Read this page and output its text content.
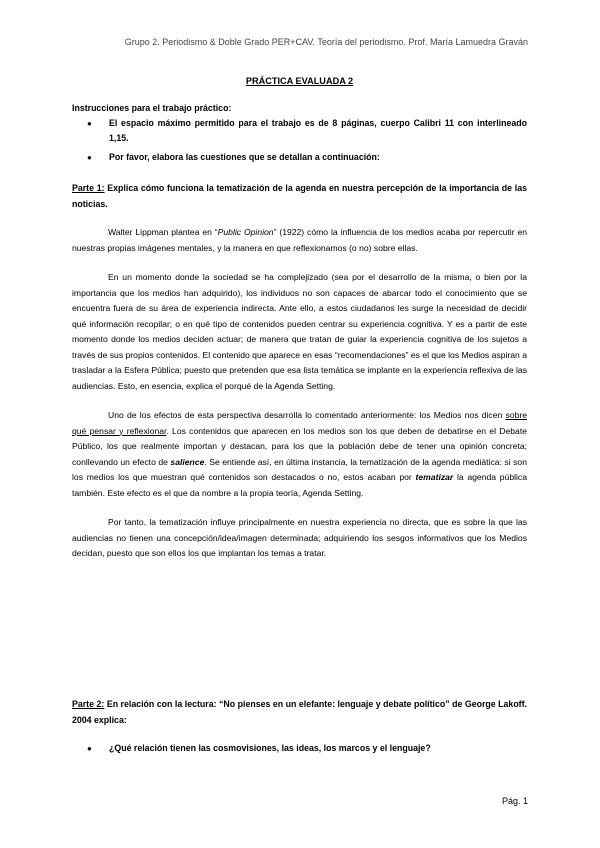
Grupo 2. Periodismo & Doble Grado PER+CAV. Teoría del periodismo. Prof. María Lamuedra Graván
PRÁCTICA EVALUADA 2
Instrucciones para el trabajo práctico:
● El espacio máximo permitido para el trabajo es de 8 páginas, cuerpo Calibri 11 con interlineado 1,15.
● Por favor, elabora las cuestiones que se detallan a continuación:
Parte 1: Explica cómo funciona la tematización de la agenda en nuestra percepción de la importancia de las noticias.

Walter Lippman plantea en “Public Opinion” (1922) cómo la influencia de los medios acaba por repercutir en nuestras propias imágenes mentales, y la manera en que reflexionamos (o no) sobre ellas.

En un momento donde la sociedad se ha complejizado (sea por el desarrollo de la misma, o bien por la importancia que los medios han adquirido), los individuos no son capaces de abarcar todo el conocimiento que se encuentra fuera de su área de experiencia indirecta. Ante ello, a estos ciudadanos les surge la necesidad de decidir qué información recopilar; o en qué tipo de contenidos pueden centrar su experiencia cognitiva. Y es a partir de este momento donde los medios deciden actuar; de manera que tratan de guiar la experiencia cognitiva de los sujetos a través de sus propios contenidos. El contenido que aparece en esas “recomendaciones” es el que los Medios aspiran a trasladar a la Esfera Pública; puesto que pretenden que esa lista temática se implante en la experiencia reflexiva de las audiencias. Esto, en esencia, explica el porqué de la Agenda Setting.

Uno de los efectos de esta perspectiva desarrolla lo comentado anteriormente: los Medios nos dicen sobre qué pensar y reflexionar. Los contenidos que aparecen en los medios son los que deben de debatirse en el Debate Público, los que realmente importan y destacan, para los que la población debe de tener una opinión concreta; conllevando un efecto de salience. Se entiende así, en última instancia, la tematización de la agenda mediática: si son los medios los que muestran qué contenidos son destacados o no, estos acaban por tematizar la agenda pública también. Este efecto es el que da nombre a la propia teoría, Agenda Setting.

Por tanto, la tematización influye principalmente en nuestra experiencia no directa, que es sobre la que las audiencias no tienen una concepción/idea/imagen determinada; adquiriendo los sesgos informativos que los Medios decidan, puesto que son ellos los que implantan los temas a tratar.

Parte 2: En relación con la lectura: “No pienses en un elefante: lenguaje y debate político” de George Lakoff. 2004 explica:
● ¿Qué relación tienen las cosmovisiones, las ideas, los marcos y el lenguaje?
Pág. 1
